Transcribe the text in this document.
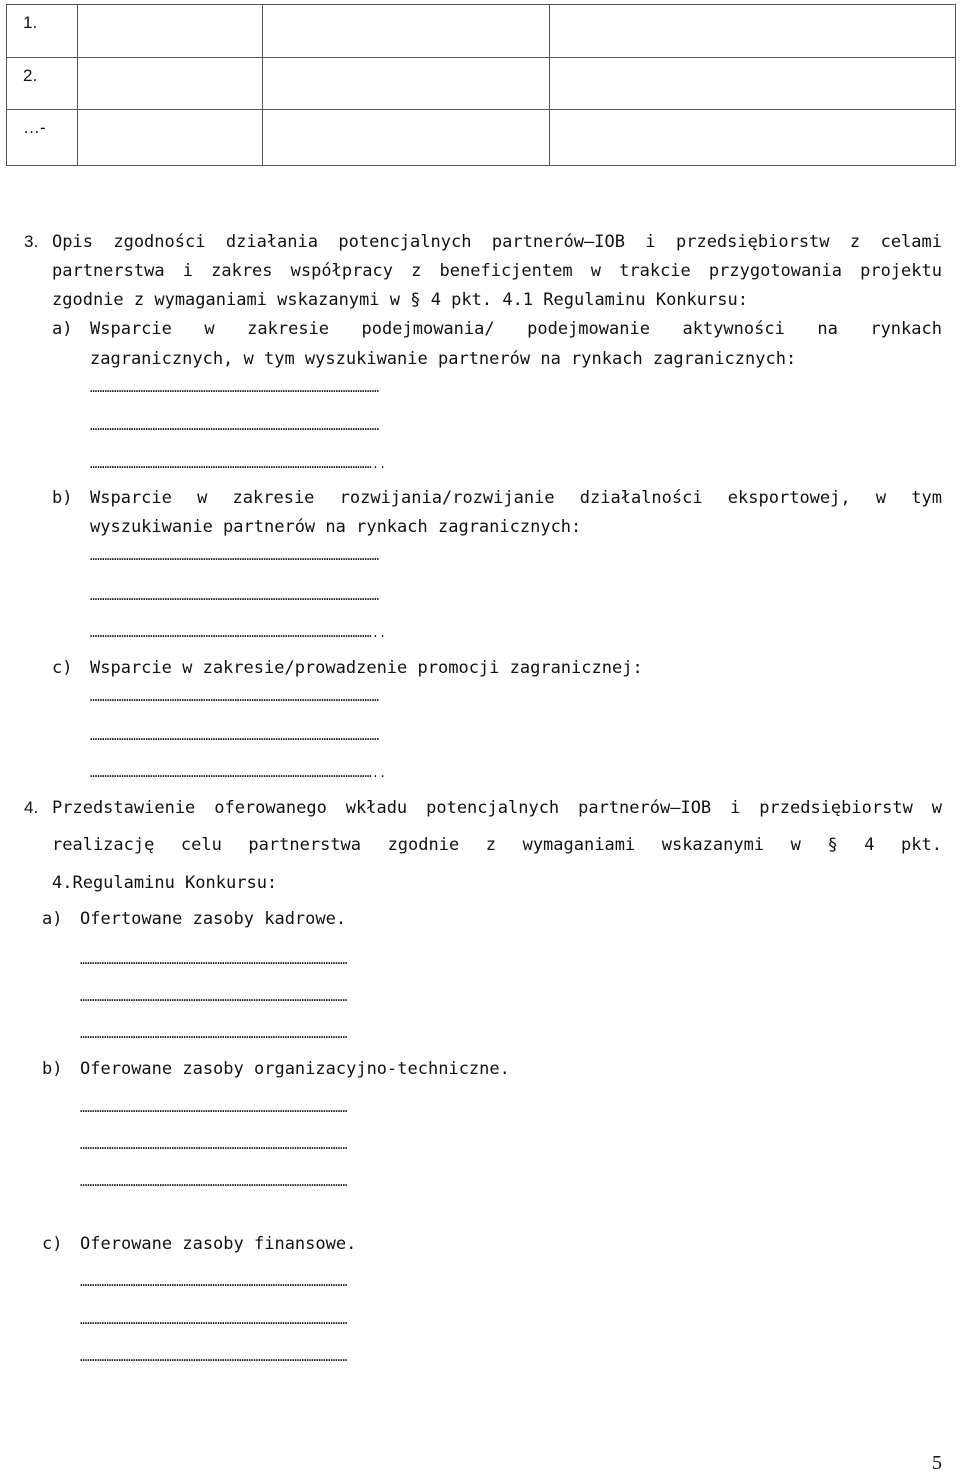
1.			
2.			
…-			
3. Opis zgodności działania potencjalnych partnerów–IOB i przedsiębiorstw z celami
partnerstwa i zakres współpracy z beneficjentem w trakcie przygotowania projektu
zgodnie z wymaganiami wskazanymi w § 4 pkt. 4.1 Regulaminu Konkursu:
a) Wsparcie w zakresie podejmowania/ podejmowanie aktywności na rynkach
zagranicznych, w tym wyszukiwanie partnerów na rynkach zagranicznych:
…………………………………………………………………………………………………………
…………………………………………………………………………………………………………
………………………………………………………………………………………………………..
b) Wsparcie w zakresie rozwijania/rozwijanie działalności eksportowej, w tym
wyszukiwanie partnerów na rynkach zagranicznych:
…………………………………………………………………………………………………………
…………………………………………………………………………………………………………
………………………………………………………………………………………………………..
c) Wsparcie w zakresie/prowadzenie promocji zagranicznej:
…………………………………………………………………………………………………………
…………………………………………………………………………………………………………
………………………………………………………………………………………………………..
4. Przedstawienie oferowanego wkładu potencjalnych partnerów–IOB i przedsiębiorstw w
realizację celu partnerstwa zgodnie z wymaganiami wskazanymi w § 4 pkt.
4.Regulaminu Konkursu:
a) Ofertowane zasoby kadrowe.
…………………………………………………………………………………………………
…………………………………………………………………………………………………
…………………………………………………………………………………………………
b) Oferowane zasoby organizacyjno-techniczne.
…………………………………………………………………………………………………
…………………………………………………………………………………………………
…………………………………………………………………………………………………
c) Oferowane zasoby finansowe.
…………………………………………………………………………………………………
…………………………………………………………………………………………………
…………………………………………………………………………………………………
5
